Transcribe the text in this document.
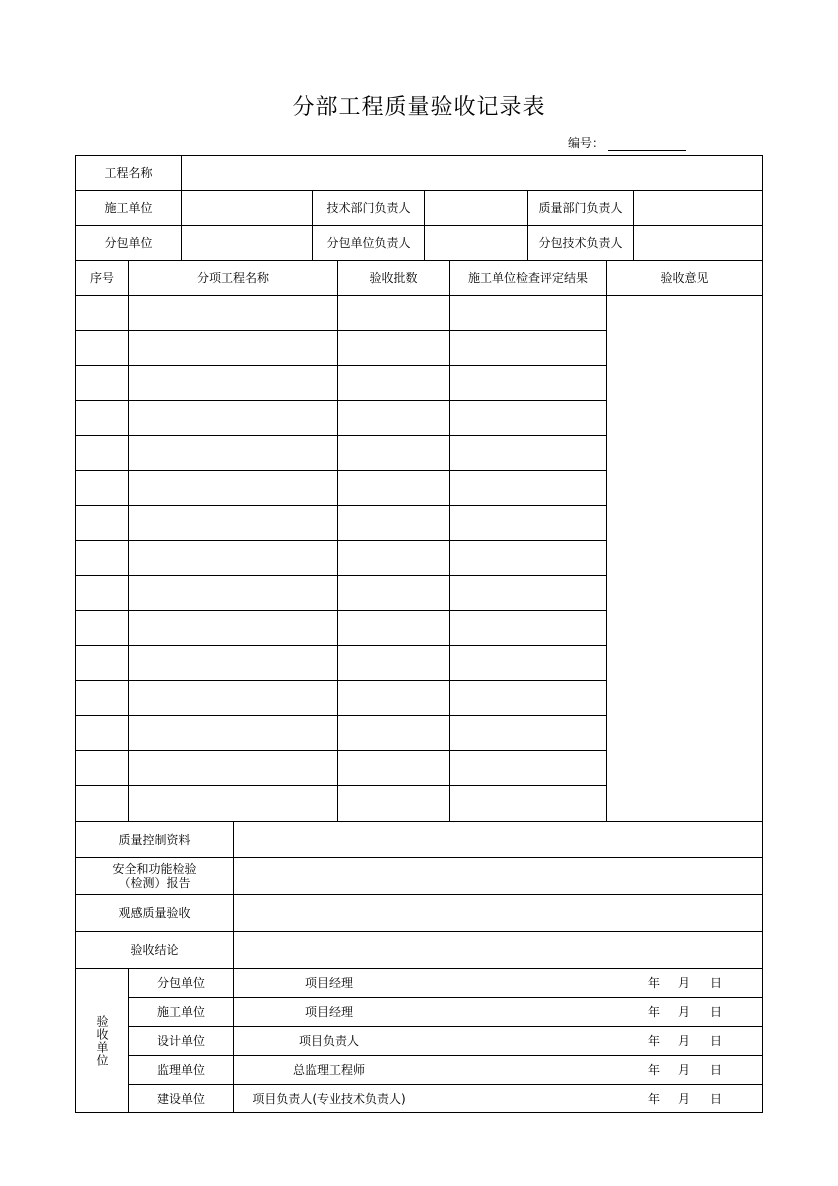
分部工程质量验收记录表
编号：
工程名称
施工单位	技术部门负责人	质量部门负责人
分包单位	分包单位负责人	分包技术负责人
序号	分项工程名称	验收批数	施工单位检查评定结果	验收意见
质量控制资料
安全和功能检验
（检测）报告
观感质量验收
验收结论
验收单位
分包单位	项目经理	年	月	日
施工单位	项目经理	年	月	日
设计单位	项目负责人	年	月	日
监理单位	总监理工程师	年	月	日
建设单位	项目负责人(专业技术负责人)	年	月	日
